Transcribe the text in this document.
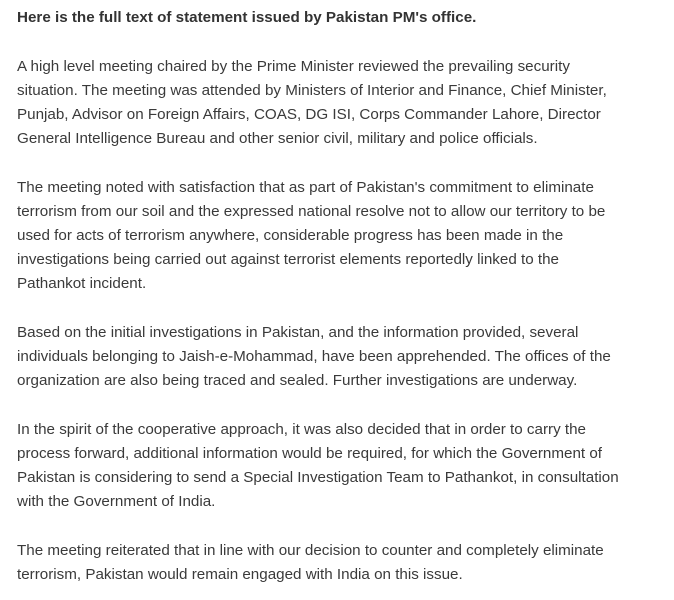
Here is the full text of statement issued by Pakistan PM's office.
A high level meeting chaired by the Prime Minister reviewed the prevailing security
situation. The meeting was attended by Ministers of Interior and Finance, Chief Minister,
Punjab, Advisor on Foreign Affairs, COAS, DG ISI, Corps Commander Lahore, Director
General Intelligence Bureau and other senior civil, military and police officials.
The meeting noted with satisfaction that as part of Pakistan's commitment to eliminate
terrorism from our soil and the expressed national resolve not to allow our territory to be
used for acts of terrorism anywhere, considerable progress has been made in the
investigations being carried out against terrorist elements reportedly linked to the
Pathankot incident.
Based on the initial investigations in Pakistan, and the information provided, several
individuals belonging to Jaish-e-Mohammad, have been apprehended. The offices of the
organization are also being traced and sealed. Further investigations are underway.
In the spirit of the cooperative approach, it was also decided that in order to carry the
process forward, additional information would be required, for which the Government of
Pakistan is considering to send a Special Investigation Team to Pathankot, in consultation
with the Government of India.
The meeting reiterated that in line with our decision to counter and completely eliminate
terrorism, Pakistan would remain engaged with India on this issue.
